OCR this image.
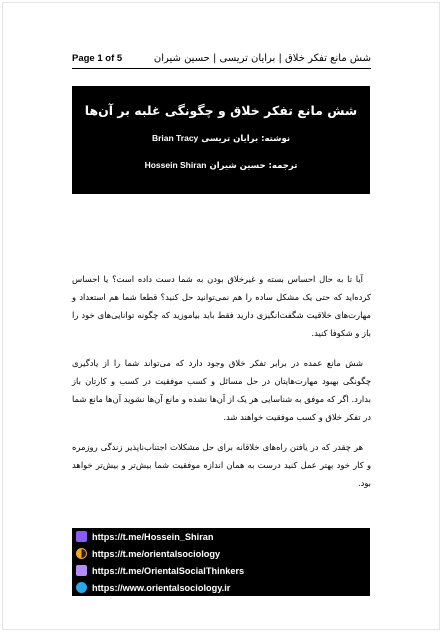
شش مانع تفکر خلاق | برایان تریسی | حسین شیران
Page 1 of 5
شش مانع تفکر خلاق و چگونگی غلبه بر آن‌ها
نوشته: برایان تریسی Brian Tracy
ترجمه: حسین شیران Hossein Shiran

آیا تا به حال احساس بسته و غیرخلاق بودن به شما دست داده است؟ یا احساس کرده‌اید که حتی یک مشکل ساده را هم نمی‌توانید حل کنید؟ قطعا شما هم استعداد و مهارت‌های خلاقیت شگفت‌انگیزی دارید فقط باید بیاموزید که چگونه توانایی‌های خود را باز و شکوفا کنید.

شش مانع عمده در برابر تفکر خلاق وجود دارد که می‌تواند شما را از یادگیری چگونگی بهبود مهارت‌هایتان در حل مسائل و کسب موفقیت در کسب و کارتان باز بدارد. اگر که موفق به شناسایی هر یک از آن‌ها نشده و مانع آن‌ها نشوید آن‌ها مانع شما در تفکر خلاق و کسب موفقیت خواهند شد.

هر چقدر که در یافتن راه‌های خلاقانه برای حل مشکلات اجتناب‌ناپذیر زندگی روزمره و کار خود بهتر عمل کنید درست به همان اندازه موفقیت شما بیش‌تر و بیش‌تر خواهد بود.

https://t.me/Hossein_Shiran
https://t.me/orientalsociology
https://t.me/OrientalSocialThinkers
https://www.orientalsociology.ir
